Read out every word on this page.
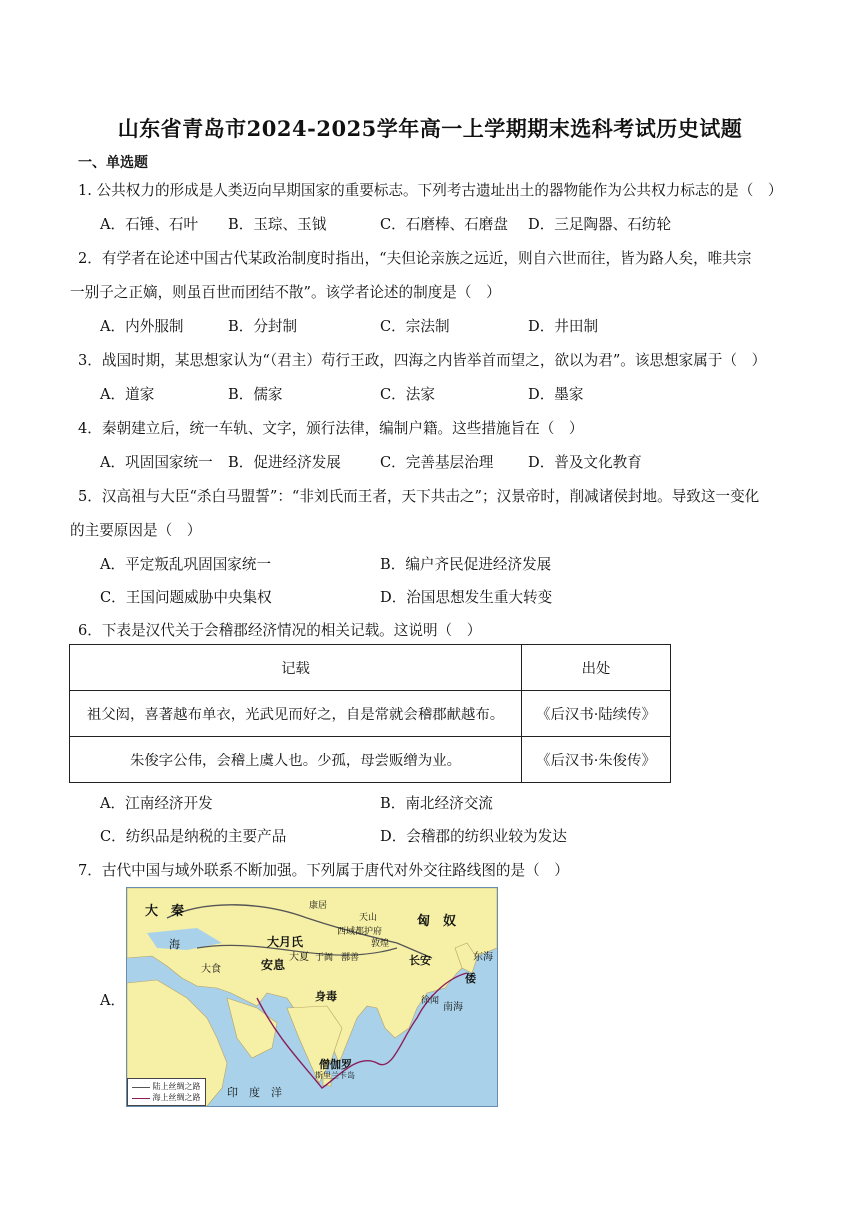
山东省青岛市2024-2025学年高一上学期期末选科考试历史试题
一、单选题
1. 公共权力的形成是人类迈向早期国家的重要标志。下列考古遗址出土的器物能作为公共权力标志的是（　）
A．石锤、石叶 B．玉琮、玉钺	C．石磨棒、石磨盘 D．三足陶器、石纺轮
2．有学者在论述中国古代某政治制度时指出，“夫但论亲族之远近，则自六世而往，皆为路人矣，唯共宗
一别子之正嫡，则虽百世而团结不散”。该学者论述的制度是（　）
A．内外服制	B．分封制	C．宗法制	D．井田制
3．战国时期，某思想家认为“（君主）苟行王政，四海之内皆举首而望之，欲以为君”。该思想家属于（　）
A．道家	B．儒家	C．法家	D．墨家
4．秦朝建立后，统一车轨、文字，颁行法律，编制户籍。这些措施旨在（　）
A．巩固国家统一 B．促进经济发展	C．完善基层治理 D．普及文化教育
5．汉高祖与大臣“杀白马盟誓”：“非刘氏而王者，天下共击之”；汉景帝时，削减诸侯封地。导致这一变化
的主要原因是（　）
A．平定叛乱巩固国家统一	B．编户齐民促进经济发展
C．王国问题威胁中央集权	D．治国思想发生重大转变
6．下表是汉代关于会稽郡经济情况的相关记载。这说明（　）
记载	出处
祖父闳，喜著越布单衣，光武见而好之，自是常就会稽郡献越布。	《后汉书·陆续传》
朱俊字公伟，会稽上虞人也。少孤，母尝贩缯为业。	《后汉书·朱俊传》
A．江南经济开发	B．南北经济交流
C．纺织品是纳税的主要产品	D．会稽郡的纺织业较为发达
7．古代中国与域外联系不断加强。下列属于唐代对外交往路线图的是（　）
A．
大　秦
海
大食	安息
大月氏
大夏
匈　奴
天山
西域都护府
敦煌
长安
康居
于阗 鄯善
身毒	徐闻
南海
倭
东海
僧伽罗
斯里兰卡岛
印　度　洋
陆上丝绸之路
海上丝绸之路
